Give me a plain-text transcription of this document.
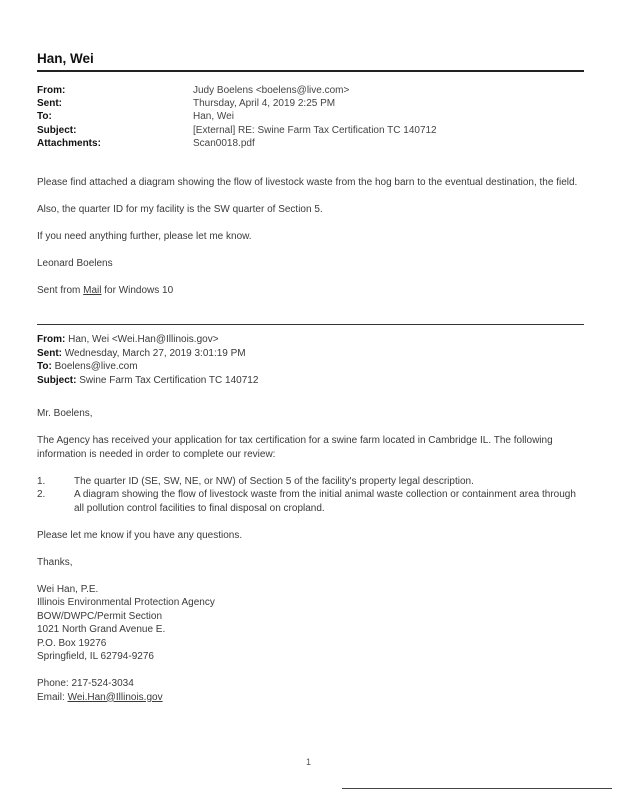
Han, Wei
From:	Judy Boelens <boelens@live.com>
Sent:	Thursday, April 4, 2019 2:25 PM
To:	Han, Wei
Subject:	[External] RE: Swine Farm Tax Certification TC 140712
Attachments:	Scan0018.pdf

Please find attached a diagram showing the flow of livestock waste from the hog barn to the eventual destination, the field.

Also, the quarter ID for my facility is the SW quarter of Section 5.

If you need anything further, please let me know.

Leonard Boelens

Sent from Mail for Windows 10

From: Han, Wei <Wei.Han@Illinois.gov>
Sent: Wednesday, March 27, 2019 3:01:19 PM
To: Boelens@live.com
Subject: Swine Farm Tax Certification TC 140712

Mr. Boelens,

The Agency has received your application for tax certification for a swine farm located in Cambridge IL. The following information is needed in order to complete our review:

1.	The quarter ID (SE, SW, NE, or NW) of Section 5 of the facility's property legal description.
2.	A diagram showing the flow of livestock waste from the initial animal waste collection or containment area through all pollution control facilities to final disposal on cropland.

Please let me know if you have any questions.

Thanks,

Wei Han, P.E.
Illinois Environmental Protection Agency
BOW/DWPC/Permit Section
1021 North Grand Avenue E.
P.O. Box 19276
Springfield, IL 62794-9276
Phone: 217-524-3034
Email: Wei.Han@Illinois.gov
1
